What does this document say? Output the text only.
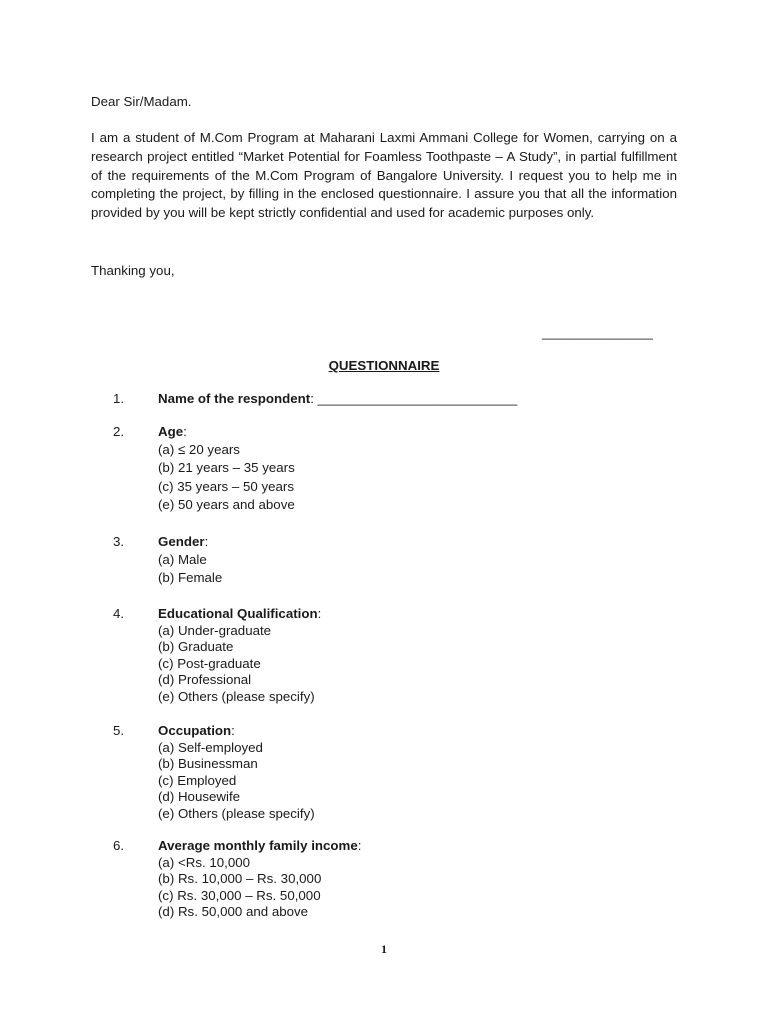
Dear Sir/Madam.

I am a student of M.Com Program at Maharani Laxmi Ammani College for Women, carrying on a research project entitled “Market Potential for Foamless Toothpaste – A Study”, in partial fulfillment of the requirements of the M.Com Program of Bangalore University. I request you to help me in completing the project, by filling in the enclosed questionnaire. I assure you that all the information provided by you will be kept strictly confidential and used for academic purposes only.

Thanking you,
_______________
QUESTIONNAIRE
1.	Name of the respondent: ___________________________
2.	Age:
(a) ≤ 20 years
(b) 21 years – 35 years
(c) 35 years – 50 years
(e) 50 years and above
3.	Gender:
(a) Male
(b) Female
4.	Educational Qualification:
(a) Under-graduate
(b) Graduate
(c) Post-graduate
(d) Professional
(e) Others (please specify)
5.	Occupation:
(a) Self-employed
(b) Businessman
(c) Employed
(d) Housewife
(e) Others (please specify)
6.	Average monthly family income:
(a) <Rs. 10,000
(b) Rs. 10,000 – Rs. 30,000
(c) Rs. 30,000 – Rs. 50,000
(d) Rs. 50,000 and above
1
